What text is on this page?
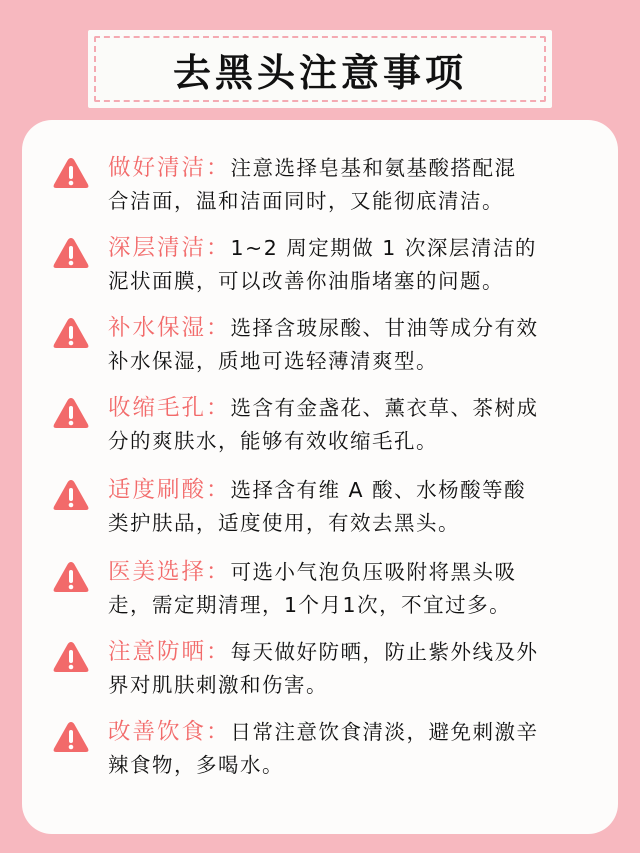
去黑头注意事项
做好清洁：注意选择皂基和氨基酸搭配混
合洁面，温和洁面同时，又能彻底清洁。
深层清洁：1~2 周定期做 1 次深层清洁的
泥状面膜，可以改善你油脂堵塞的问题。
补水保湿：选择含玻尿酸、甘油等成分有效
补水保湿，质地可选轻薄清爽型。
收缩毛孔：选含有金盏花、薰衣草、茶树成
分的爽肤水，能够有效收缩毛孔。
适度刷酸：选择含有维 A 酸、水杨酸等酸
类护肤品，适度使用，有效去黑头。
医美选择：可选小气泡负压吸附将黑头吸
走，需定期清理，1个月1次，不宜过多。
注意防晒：每天做好防晒，防止紫外线及外
界对肌肤刺激和伤害。
改善饮食：日常注意饮食清淡，避免刺激辛
辣食物，多喝水。
